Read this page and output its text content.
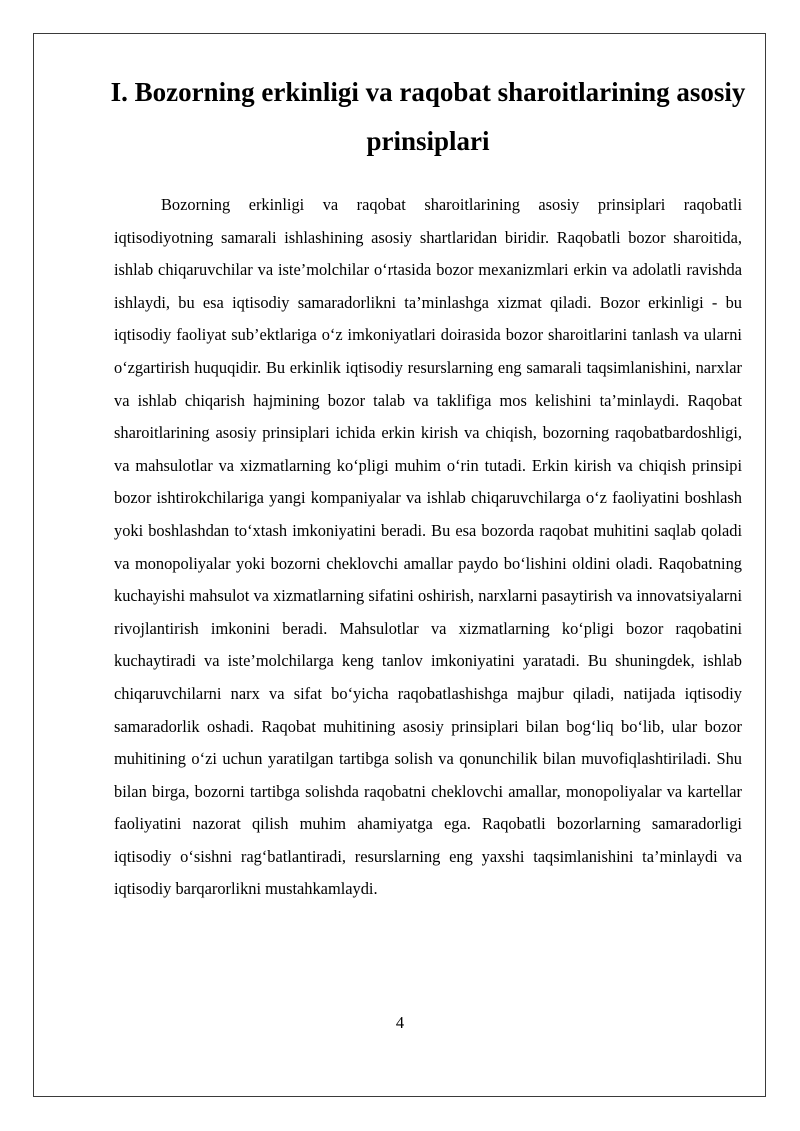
I. Bozorning erkinligi va raqobat sharoitlarining asosiy prinsiplari

Bozorning erkinligi va raqobat sharoitlarining asosiy prinsiplari raqobatli iqtisodiyotning samarali ishlashining asosiy shartlaridan biridir. Raqobatli bozor sharoitida, ishlab chiqaruvchilar va iste’molchilar o‘rtasida bozor mexanizmlari erkin va adolatli ravishda ishlaydi, bu esa iqtisodiy samaradorlikni ta’minlashga xizmat qiladi. Bozor erkinligi - bu iqtisodiy faoliyat sub’ektlariga o‘z imkoniyatlari doirasida bozor sharoitlarini tanlash va ularni o‘zgartirish huquqidir. Bu erkinlik iqtisodiy resurslarning eng samarali taqsimlanishini, narxlar va ishlab chiqarish hajmining bozor talab va taklifiga mos kelishini ta’minlaydi. Raqobat sharoitlarining asosiy prinsiplari ichida erkin kirish va chiqish, bozorning raqobatbardoshligi, va mahsulotlar va xizmatlarning ko‘pligi muhim o‘rin tutadi. Erkin kirish va chiqish prinsipi bozor ishtirokchilariga yangi kompaniyalar va ishlab chiqaruvchilarga o‘z faoliyatini boshlash yoki boshlashdan to‘xtash imkoniyatini beradi. Bu esa bozorda raqobat muhitini saqlab qoladi va monopoliyalar yoki bozorni cheklovchi amallar paydo bo‘lishini oldini oladi. Raqobatning kuchayishi mahsulot va xizmatlarning sifatini oshirish, narxlarni pasaytirish va innovatsiyalarni rivojlantirish imkonini beradi. Mahsulotlar va xizmatlarning ko‘pligi bozor raqobatini kuchaytiradi va iste’molchilarga keng tanlov imkoniyatini yaratadi. Bu shuningdek, ishlab chiqaruvchilarni narx va sifat bo‘yicha raqobatlashishga majbur qiladi, natijada iqtisodiy samaradorlik oshadi. Raqobat muhitining asosiy prinsiplari bilan bog‘liq bo‘lib, ular bozor muhitining o‘zi uchun yaratilgan tartibga solish va qonunchilik bilan muvofiqlashtiriladi. Shu bilan birga, bozorni tartibga solishda raqobatni cheklovchi amallar, monopoliyalar va kartellar faoliyatini nazorat qilish muhim ahamiyatga ega. Raqobatli bozorlarning samaradorligi iqtisodiy o‘sishni rag‘batlantiradi, resurslarning eng yaxshi taqsimlanishini ta’minlaydi va iqtisodiy barqarorlikni mustahkamlaydi.

4
